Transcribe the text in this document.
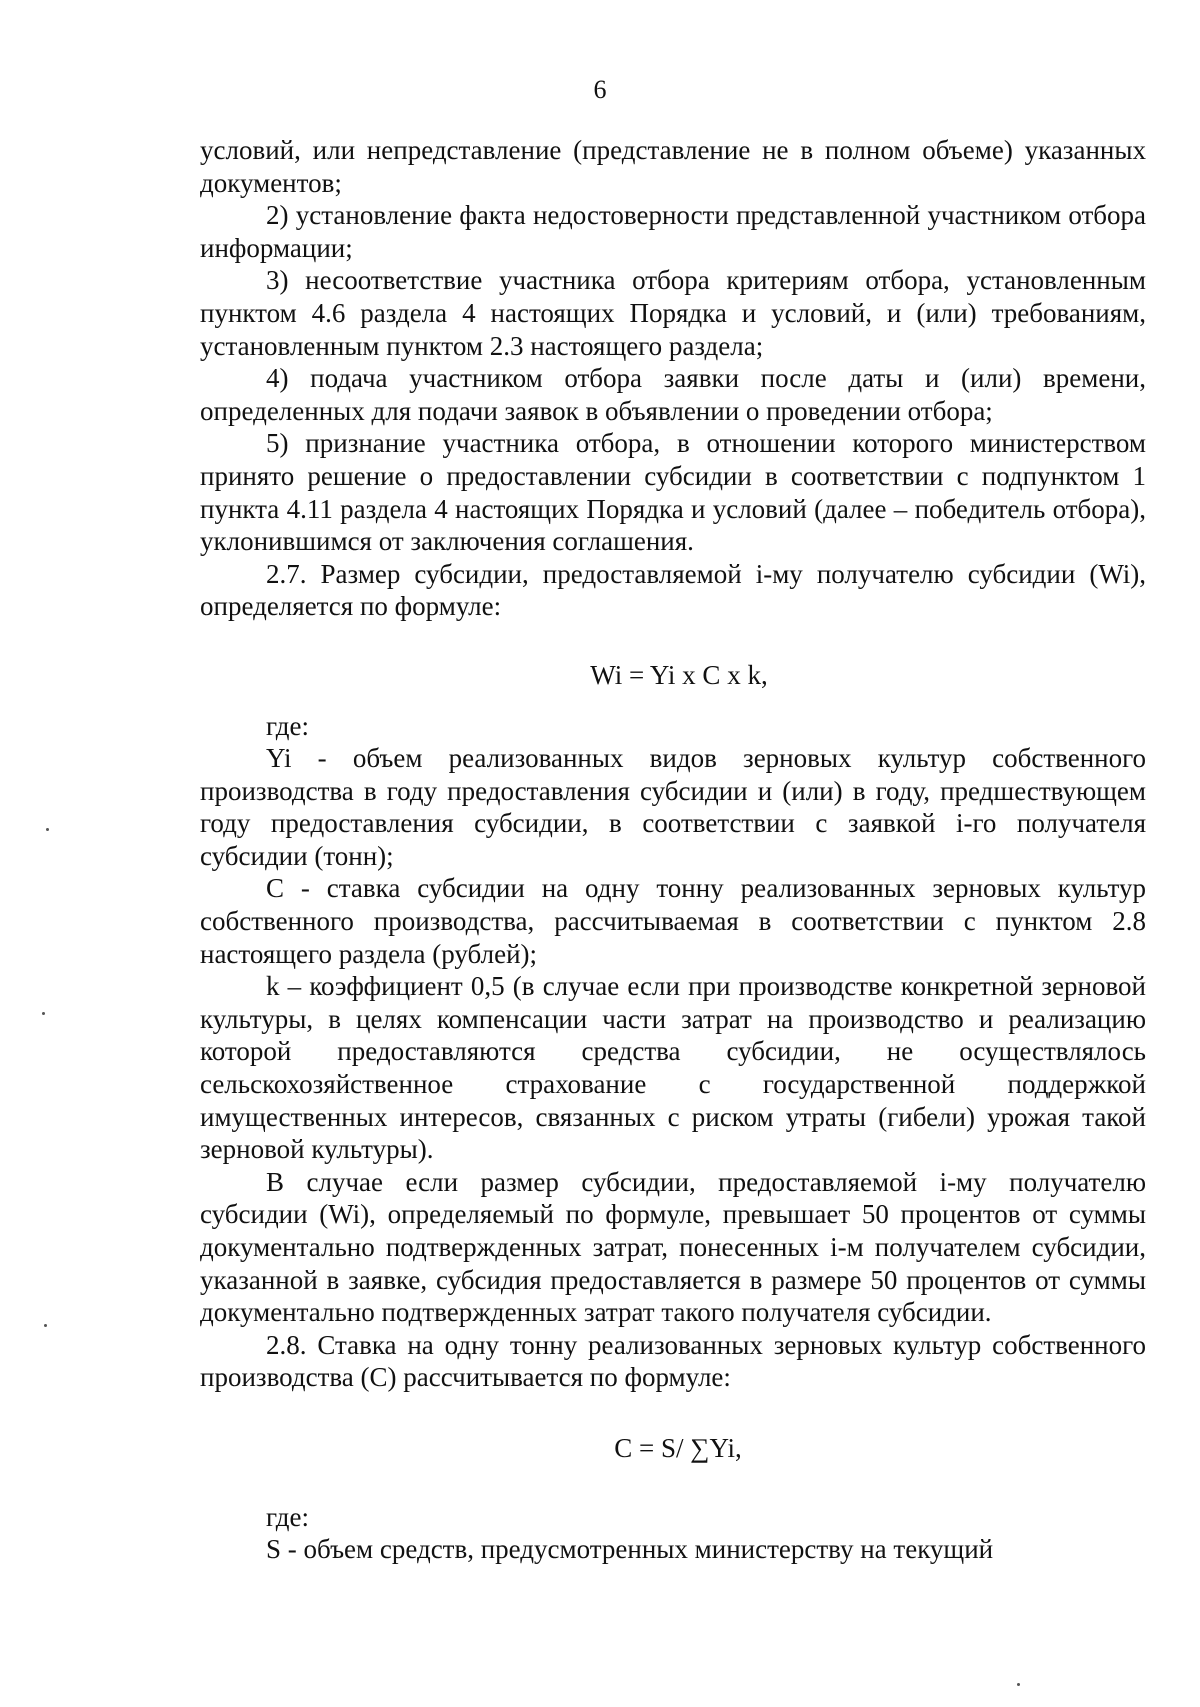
6

условий, или непредставление (представление не в полном объеме) указанных документов;

2) установление факта недостоверности представленной участником отбора информации;

3) несоответствие участника отбора критериям отбора, установленным пунктом 4.6 раздела 4 настоящих Порядка и условий, и (или) требованиям, установленным пунктом 2.3 настоящего раздела;

4) подача участником отбора заявки после даты и (или) времени, определенных для подачи заявок в объявлении о проведении отбора;

5) признание участника отбора, в отношении которого министерством принято решение о предоставлении субсидии в соответствии с подпунктом 1 пункта 4.11 раздела 4 настоящих Порядка и условий (далее – победитель отбора), уклонившимся от заключения соглашения.

2.7. Размер субсидии, предоставляемой i-му получателю субсидии (Wi), определяется по формуле:

Wi = Yi x C x k,

где:

Yi - объем реализованных видов зерновых культур собственного производства в году предоставления субсидии и (или) в году, предшествующем году предоставления субсидии, в соответствии с заявкой i-го получателя субсидии (тонн);

С - ставка субсидии на одну тонну реализованных зерновых культур собственного производства, рассчитываемая в соответствии с пунктом 2.8 настоящего раздела (рублей);

k – коэффициент 0,5 (в случае если при производстве конкретной зерновой культуры, в целях компенсации части затрат на производство и реализацию которой предоставляются средства субсидии, не осуществлялось сельскохозяйственное страхование с государственной поддержкой имущественных интересов, связанных с риском утраты (гибели) урожая такой зерновой культуры).

В случае если размер субсидии, предоставляемой i-му получателю субсидии (Wi), определяемый по формуле, превышает 50 процентов от суммы документально подтвержденных затрат, понесенных i-м получателем субсидии, указанной в заявке, субсидия предоставляется в размере 50 процентов от суммы документально подтвержденных затрат такого получателя субсидии.

2.8. Ставка на одну тонну реализованных зерновых культур собственного производства (С) рассчитывается по формуле:

C = S/ ∑Yi,

где:

S - объем средств, предусмотренных министерству на текущий
